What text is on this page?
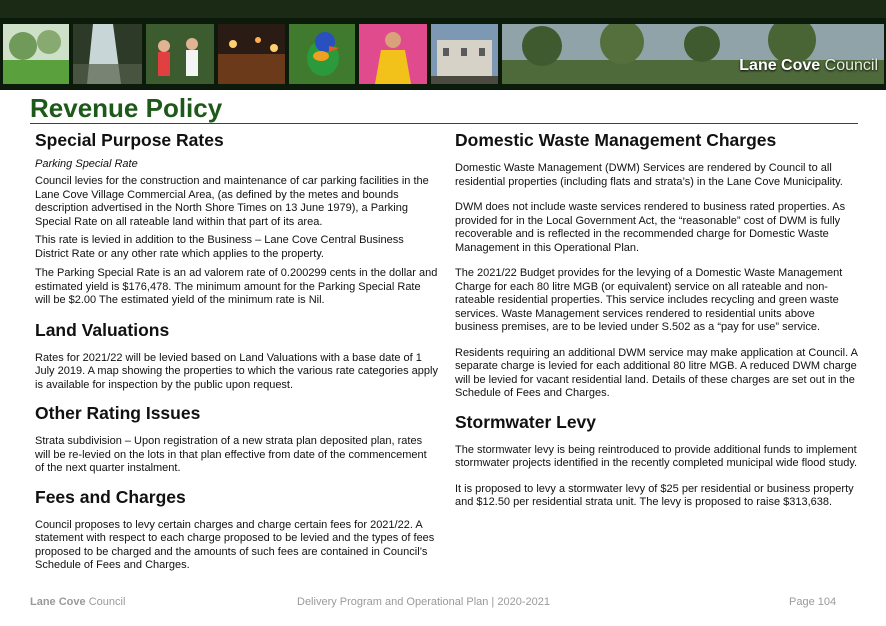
Lane Cove Council
Revenue Policy
Special Purpose Rates
Parking Special Rate

Council levies for the construction and maintenance of car parking facilities in the Lane Cove Village Commercial Area, (as defined by the metes and bounds description advertised in the North Shore Times on 13 June 1979), a Parking Special Rate on all rateable land within that part of its area.

This rate is levied in addition to the Business – Lane Cove Central Business District Rate or any other rate which applies to the property.

The Parking Special Rate is an ad valorem rate of 0.200299 cents in the dollar and estimated yield is $176,478. The minimum amount for the Parking Special Rate will be $2.00 The estimated yield of the minimum rate is Nil.

Land Valuations

Rates for 2021/22 will be levied based on Land Valuations with a base date of 1 July 2019. A map showing the properties to which the various rate categories apply is available for inspection by the public upon request.

Other Rating Issues

Strata subdivision – Upon registration of a new strata plan deposited plan, rates will be re-levied on the lots in that plan effective from date of the commencement of the next quarter instalment.

Fees and Charges

Council proposes to levy certain charges and charge certain fees for 2021/22. A statement with respect to each charge proposed to be levied and the types of fees proposed to be charged and the amounts of such fees are contained in Council’s Schedule of Fees and Charges.

Domestic Waste Management Charges

Domestic Waste Management (DWM) Services are rendered by Council to all residential properties (including flats and strata’s) in the Lane Cove Municipality.

DWM does not include waste services rendered to business rated properties. As provided for in the Local Government Act, the “reasonable” cost of DWM is fully recoverable and is reflected in the recommended charge for Domestic Waste Management in this Operational Plan.

The 2021/22 Budget provides for the levying of a Domestic Waste Management Charge for each 80 litre MGB (or equivalent) service on all rateable and non-rateable residential properties. This service includes recycling and green waste services. Waste Management services rendered to residential units above business premises, are to be levied under S.502 as a “pay for use” service.

Residents requiring an additional DWM service may make application at Council. A separate charge is levied for each additional 80 litre MGB. A reduced DWM charge will be levied for vacant residential land. Details of these charges are set out in the Schedule of Fees and Charges.

Stormwater Levy

The stormwater levy is being reintroduced to provide additional funds to implement stormwater projects identified in the recently completed municipal wide flood study.

It is proposed to levy a stormwater levy of $25 per residential or business property and $12.50 per residential strata unit. The levy is proposed to raise $313,638.

Lane Cove Council	Delivery Program and Operational Plan | 2020-2021	Page 104
